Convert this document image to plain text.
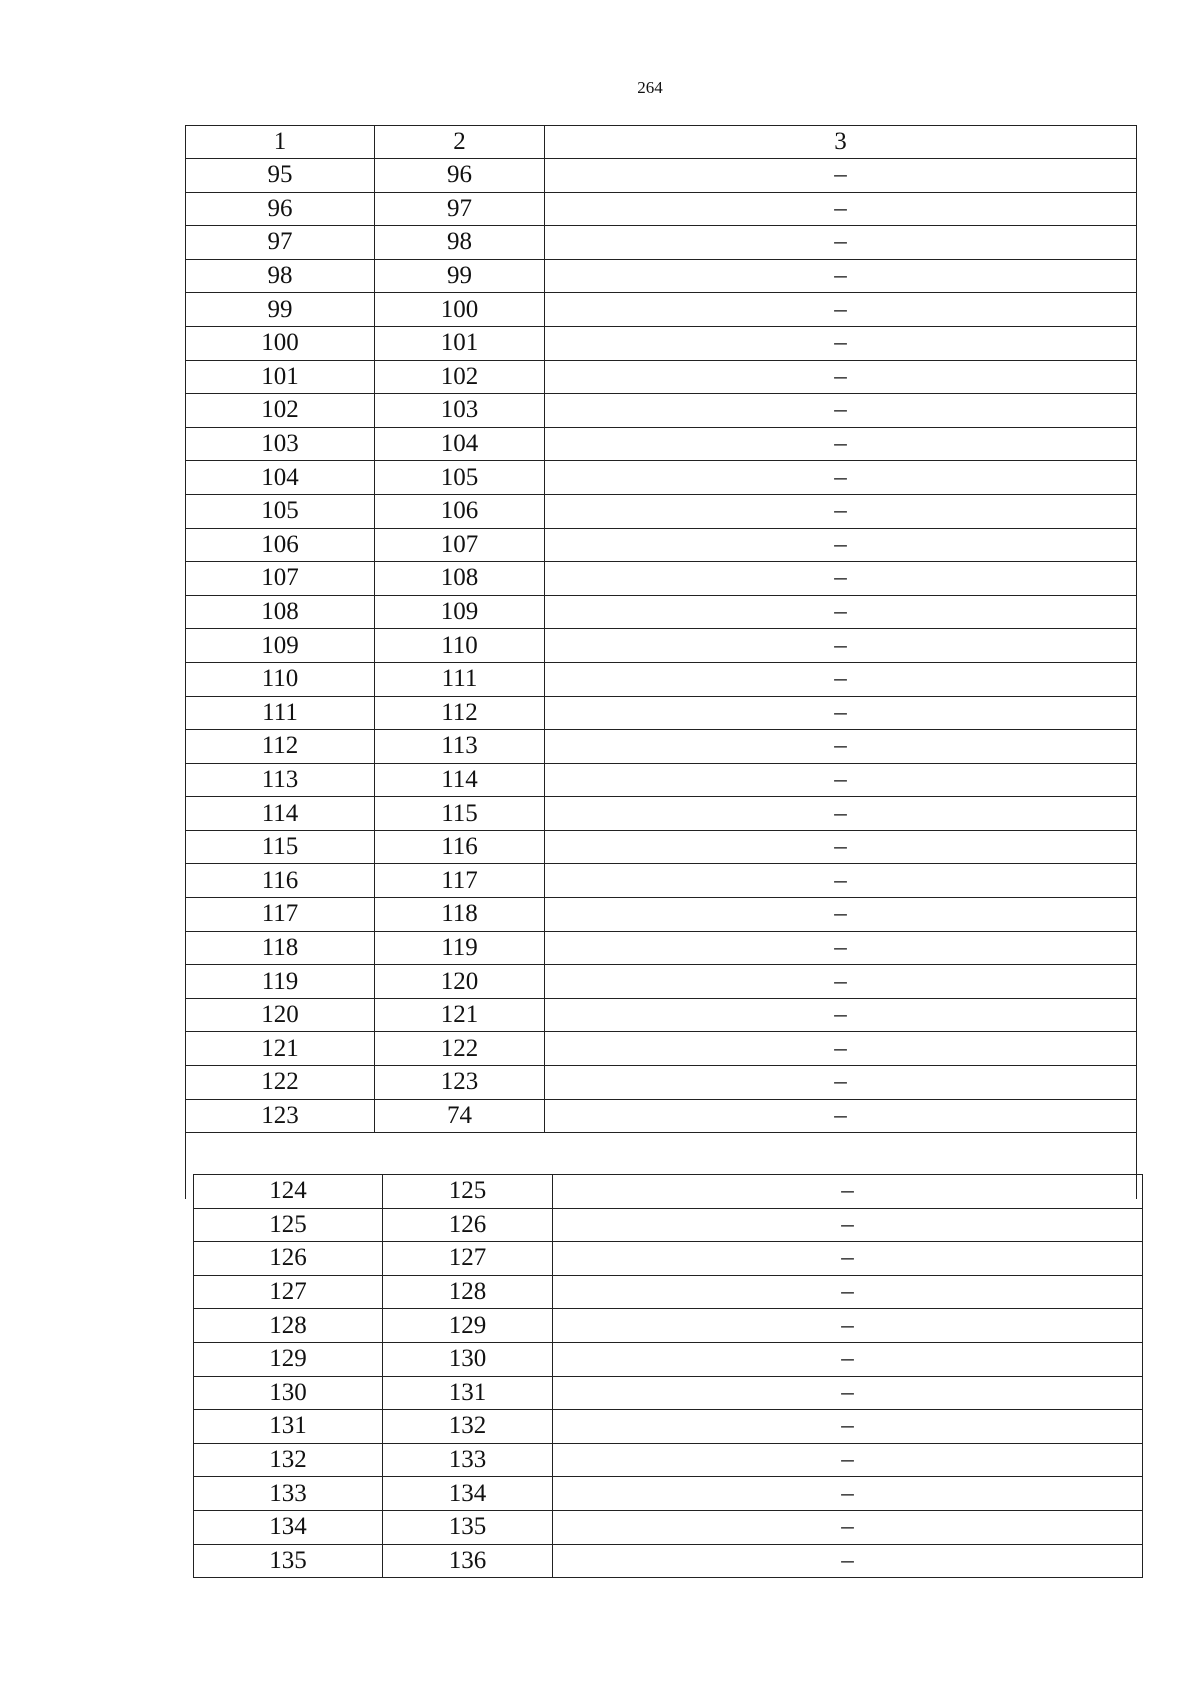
264
1	2	3
95	96	–
96	97	–
97	98	–
98	99	–
99	100	–
100	101	–
101	102	–
102	103	–
103	104	–
104	105	–
105	106	–
106	107	–
107	108	–
108	109	–
109	110	–
110	111	–
111	112	–
112	113	–
113	114	–
114	115	–
115	116	–
116	117	–
117	118	–
118	119	–
119	120	–
120	121	–
121	122	–
122	123	–
123	74	–

124	125	–
125	126	–
126	127	–
127	128	–
128	129	–
129	130	–
130	131	–
131	132	–
132	133	–
133	134	–
134	135	–
135	136	–
